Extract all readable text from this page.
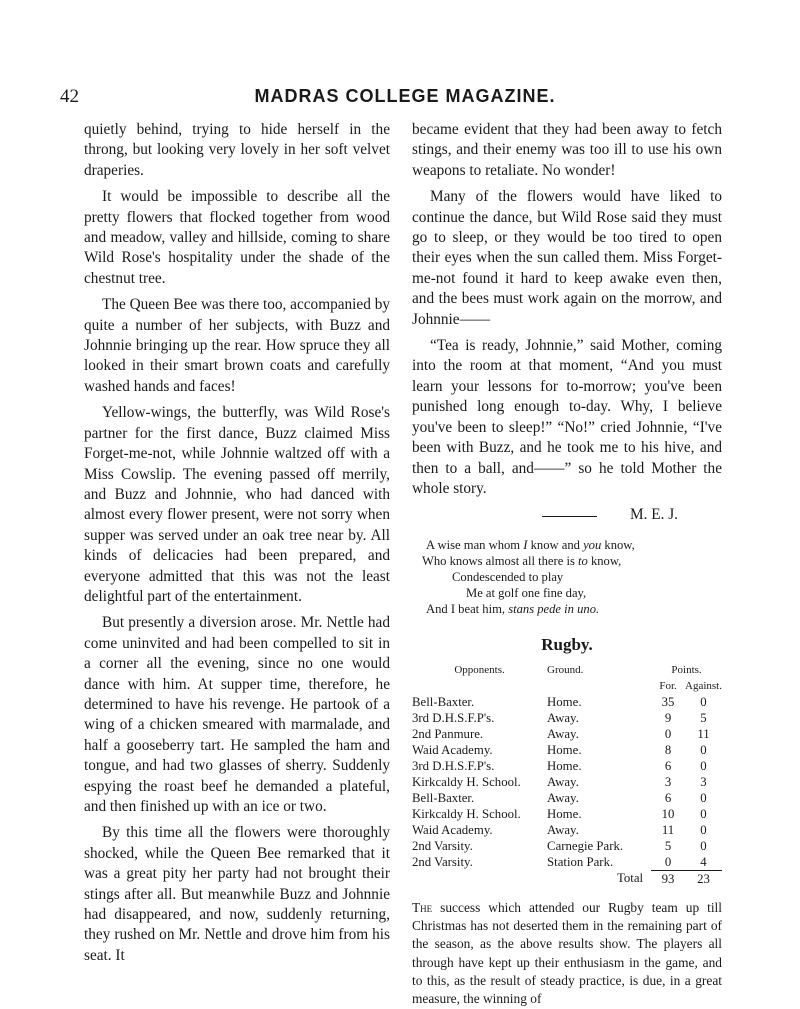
42	MADRAS COLLEGE MAGAZINE.

quietly behind, trying to hide herself in the throng, but looking very lovely in her soft velvet draperies.

It would be impossible to describe all the pretty flowers that flocked together from wood and meadow, valley and hillside, coming to share Wild Rose's hospitality under the shade of the chestnut tree.

The Queen Bee was there too, accompanied by quite a number of her subjects, with Buzz and Johnnie bringing up the rear. How spruce they all looked in their smart brown coats and carefully washed hands and faces!

Yellow-wings, the butterfly, was Wild Rose's partner for the first dance, Buzz claimed Miss Forget-me-not, while Johnnie waltzed off with a Miss Cowslip. The evening passed off merrily, and Buzz and Johnnie, who had danced with almost every flower present, were not sorry when supper was served under an oak tree near by. All kinds of delicacies had been prepared, and everyone admitted that this was not the least delightful part of the entertainment.

But presently a diversion arose. Mr. Nettle had come uninvited and had been compelled to sit in a corner all the evening, since no one would dance with him. At supper time, therefore, he determined to have his revenge. He partook of a wing of a chicken smeared with marmalade, and half a gooseberry tart. He sampled the ham and tongue, and had two glasses of sherry. Suddenly espying the roast beef he demanded a plateful, and then finished up with an ice or two.

By this time all the flowers were thoroughly shocked, while the Queen Bee remarked that it was a great pity her party had not brought their stings after all. But meanwhile Buzz and Johnnie had disappeared, and now, suddenly returning, they rushed on Mr. Nettle and drove him from his seat. It

became evident that they had been away to fetch stings, and their enemy was too ill to use his own weapons to retaliate. No wonder!

Many of the flowers would have liked to continue the dance, but Wild Rose said they must go to sleep, or they would be too tired to open their eyes when the sun called them. Miss Forget-me-not found it hard to keep awake even then, and the bees must work again on the morrow, and Johnnie——

“Tea is ready, Johnnie,” said Mother, coming into the room at that moment, “And you must learn your lessons for to-morrow; you've been punished long enough to-day. Why, I believe you've been to sleep!” “No!” cried Johnnie, “I've been with Buzz, and he took me to his hive, and then to a ball, and——” so he told Mother the whole story.

M. E. J.
A wise man whom I know and you know,
Who knows almost all there is to know,
Condescended to play
Me at golf one fine day,
And I beat him, stans pede in uno.
Rugby.
Opponents.	Ground.	Points.	
		For.	Against.
Bell-Baxter.	Home.	35	0
3rd D.H.S.F.P's.	Away.	9	5
2nd Panmure.	Away.	0	11
Waid Academy.	Home.	8	0
3rd D.H.S.F.P's.	Home.	6	0
Kirkcaldy H. School.	Away.	3	3
Bell-Baxter.	Away.	6	0
Kirkcaldy H. School.	Home.	10	0
Waid Academy.	Away.	11	0
2nd Varsity.	Carnegie Park.	5	0
2nd Varsity.	Station Park.	0	4
	Total	93	23
The success which attended our Rugby team up till Christmas has not deserted them in the remaining part of the season, as the above results show. The players all through have kept up their enthusiasm in the game, and to this, as the result of steady practice, is due, in a great measure, the winning of
